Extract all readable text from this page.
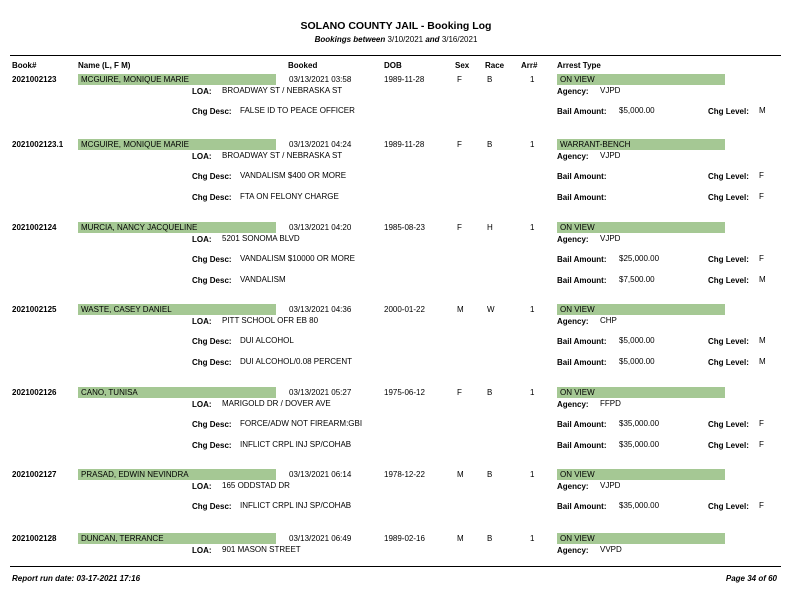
SOLANO COUNTY JAIL - Booking Log
Bookings between 3/10/2021 and 3/16/2021
Book#	Name (L, F M)	Booked	DOB	Sex Race Arr# Arrest Type
2021002123	MCGUIRE, MONIQUE MARIE	03/13/2021 03:58	1989-11-28	F	B	1	ON VIEW
LOA: BROADWAY ST / NEBRASKA ST	Agency: VJPD
Chg Desc: FALSE ID TO PEACE OFFICER	Bail Amount: $5,000.00	Chg Level: M
2021002123.1 MCGUIRE, MONIQUE MARIE	03/13/2021 04:24	1989-11-28	F	B	1	WARRANT-BENCH
LOA: BROADWAY ST / NEBRASKA ST	Agency: VJPD
Chg Desc: VANDALISM $400 OR MORE	Bail Amount:	Chg Level: F
Chg Desc: FTA ON FELONY CHARGE	Bail Amount:	Chg Level: F
2021002124	MURCIA, NANCY JACQUELINE	03/13/2021 04:20	1985-08-23	F	H	1	ON VIEW
LOA: 5201 SONOMA BLVD	Agency: VJPD
Chg Desc: VANDALISM $10000 OR MORE	Bail Amount: $25,000.00	Chg Level: F
Chg Desc: VANDALISM	Bail Amount: $7,500.00	Chg Level: M
2021002125	WASTE, CASEY DANIEL	03/13/2021 04:36	2000-01-22	M	W	1	ON VIEW
LOA: PITT SCHOOL OFR EB 80	Agency: CHP
Chg Desc: DUI ALCOHOL	Bail Amount: $5,000.00	Chg Level: M
Chg Desc: DUI ALCOHOL/0.08 PERCENT	Bail Amount: $5,000.00	Chg Level: M
2021002126	CANO, TUNISA	03/13/2021 05:27	1975-06-12	F	B	1	ON VIEW
LOA: MARIGOLD DR / DOVER AVE	Agency: FFPD
Chg Desc: FORCE/ADW NOT FIREARM:GBI	Bail Amount: $35,000.00	Chg Level: F
Chg Desc: INFLICT CRPL INJ SP/COHAB	Bail Amount: $35,000.00	Chg Level: F
2021002127	PRASAD, EDWIN NEVINDRA	03/13/2021 06:14	1978-12-22	M	B	1	ON VIEW
LOA: 165 ODDSTAD DR	Agency: VJPD
Chg Desc: INFLICT CRPL INJ SP/COHAB	Bail Amount: $35,000.00	Chg Level: F
2021002128	DUNCAN, TERRANCE	03/13/2021 06:49	1989-02-16	M	B	1	ON VIEW
LOA: 901 MASON STREET	Agency: VVPD
Report run date: 03-17-2021 17:16	Page 34 of 60
